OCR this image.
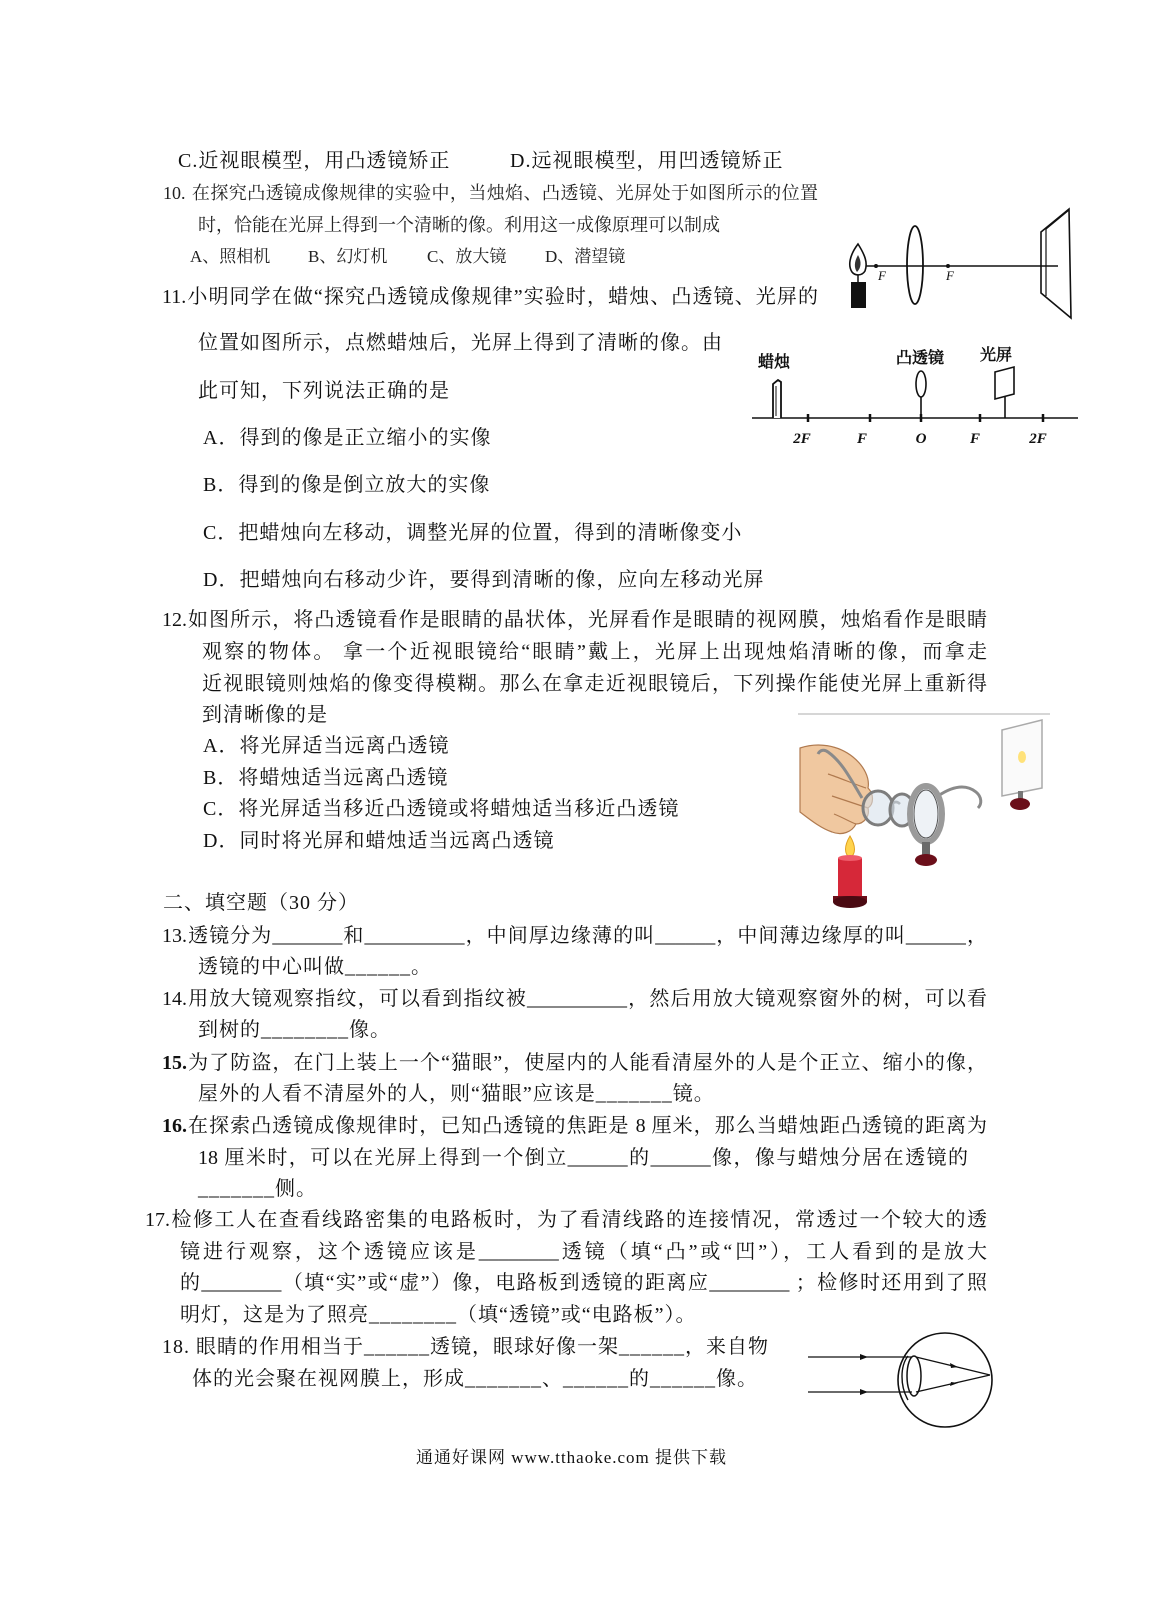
C.近视眼模型，用凸透镜矫正	D.远视眼模型，用凹透镜矫正
10. 在探究凸透镜成像规律的实验中，当烛焰、凸透镜、光屏处于如图所示的位置
时，恰能在光屏上得到一个清晰的像。利用这一成像原理可以制成
A、照相机 B、幻灯机 C、放大镜 D、潜望镜
F	F
11.小明同学在做“探究凸透镜成像规律”实验时，蜡烛、凸透镜、光屏的
位置如图所示，点燃蜡烛后，光屏上得到了清晰的像。由
此可知，下列说法正确的是
A．得到的像是正立缩小的实像
B．得到的像是倒立放大的实像
C．把蜡烛向左移动，调整光屏的位置，得到的清晰像变小
D．把蜡烛向右移动少许，要得到清晰的像，应向左移动光屏
2F	F	O	F	2F
蜡烛	凸透镜 光屏
12.如图所示，将凸透镜看作是眼睛的晶状体，光屏看作是眼睛的视网膜，烛焰看作是眼睛
观察的物体。 拿一个近视眼镜给“眼睛”戴上，光屏上出现烛焰清晰的像，而拿走
近视眼镜则烛焰的像变得模糊。那么在拿走近视眼镜后，下列操作能使光屏上重新得
到清晰像的是
A．将光屏适当远离凸透镜
B．将蜡烛适当远离凸透镜
C．将光屏适当移近凸透镜或将蜡烛适当移近凸透镜
D．同时将光屏和蜡烛适当远离凸透镜
二、填空题（30 分）
13.透镜分为_______和__________，中间厚边缘薄的叫______，中间薄边缘厚的叫______，
透镜的中心叫做______。
14.用放大镜观察指纹，可以看到指纹被__________，然后用放大镜观察窗外的树，可以看
到树的________像。
15.为了防盗，在门上装上一个“猫眼”，使屋内的人能看清屋外的人是个正立、缩小的像，
屋外的人看不清屋外的人，则“猫眼”应该是_______镜。
16.在探索凸透镜成像规律时，已知凸透镜的焦距是 8 厘米，那么当蜡烛距凸透镜的距离为
18 厘米时，可以在光屏上得到一个倒立______的______像，像与蜡烛分居在透镜的
_______侧。
17.检修工人在查看线路密集的电路板时，为了看清线路的连接情况，常透过一个较大的透
镜进行观察，这个透镜应该是________透镜（填“凸”或“凹”），工人看到的是放大
的________（填“实”或“虚”）像，电路板到透镜的距离应________ ；检修时还用到了照
明灯，这是为了照亮________（填“透镜”或“电路板”）。
18. 眼睛的作用相当于______透镜，眼球好像一架______，来自物
体的光会聚在视网膜上，形成_______、______的______像。
通通好课网 www.tthaoke.com 提供下载
